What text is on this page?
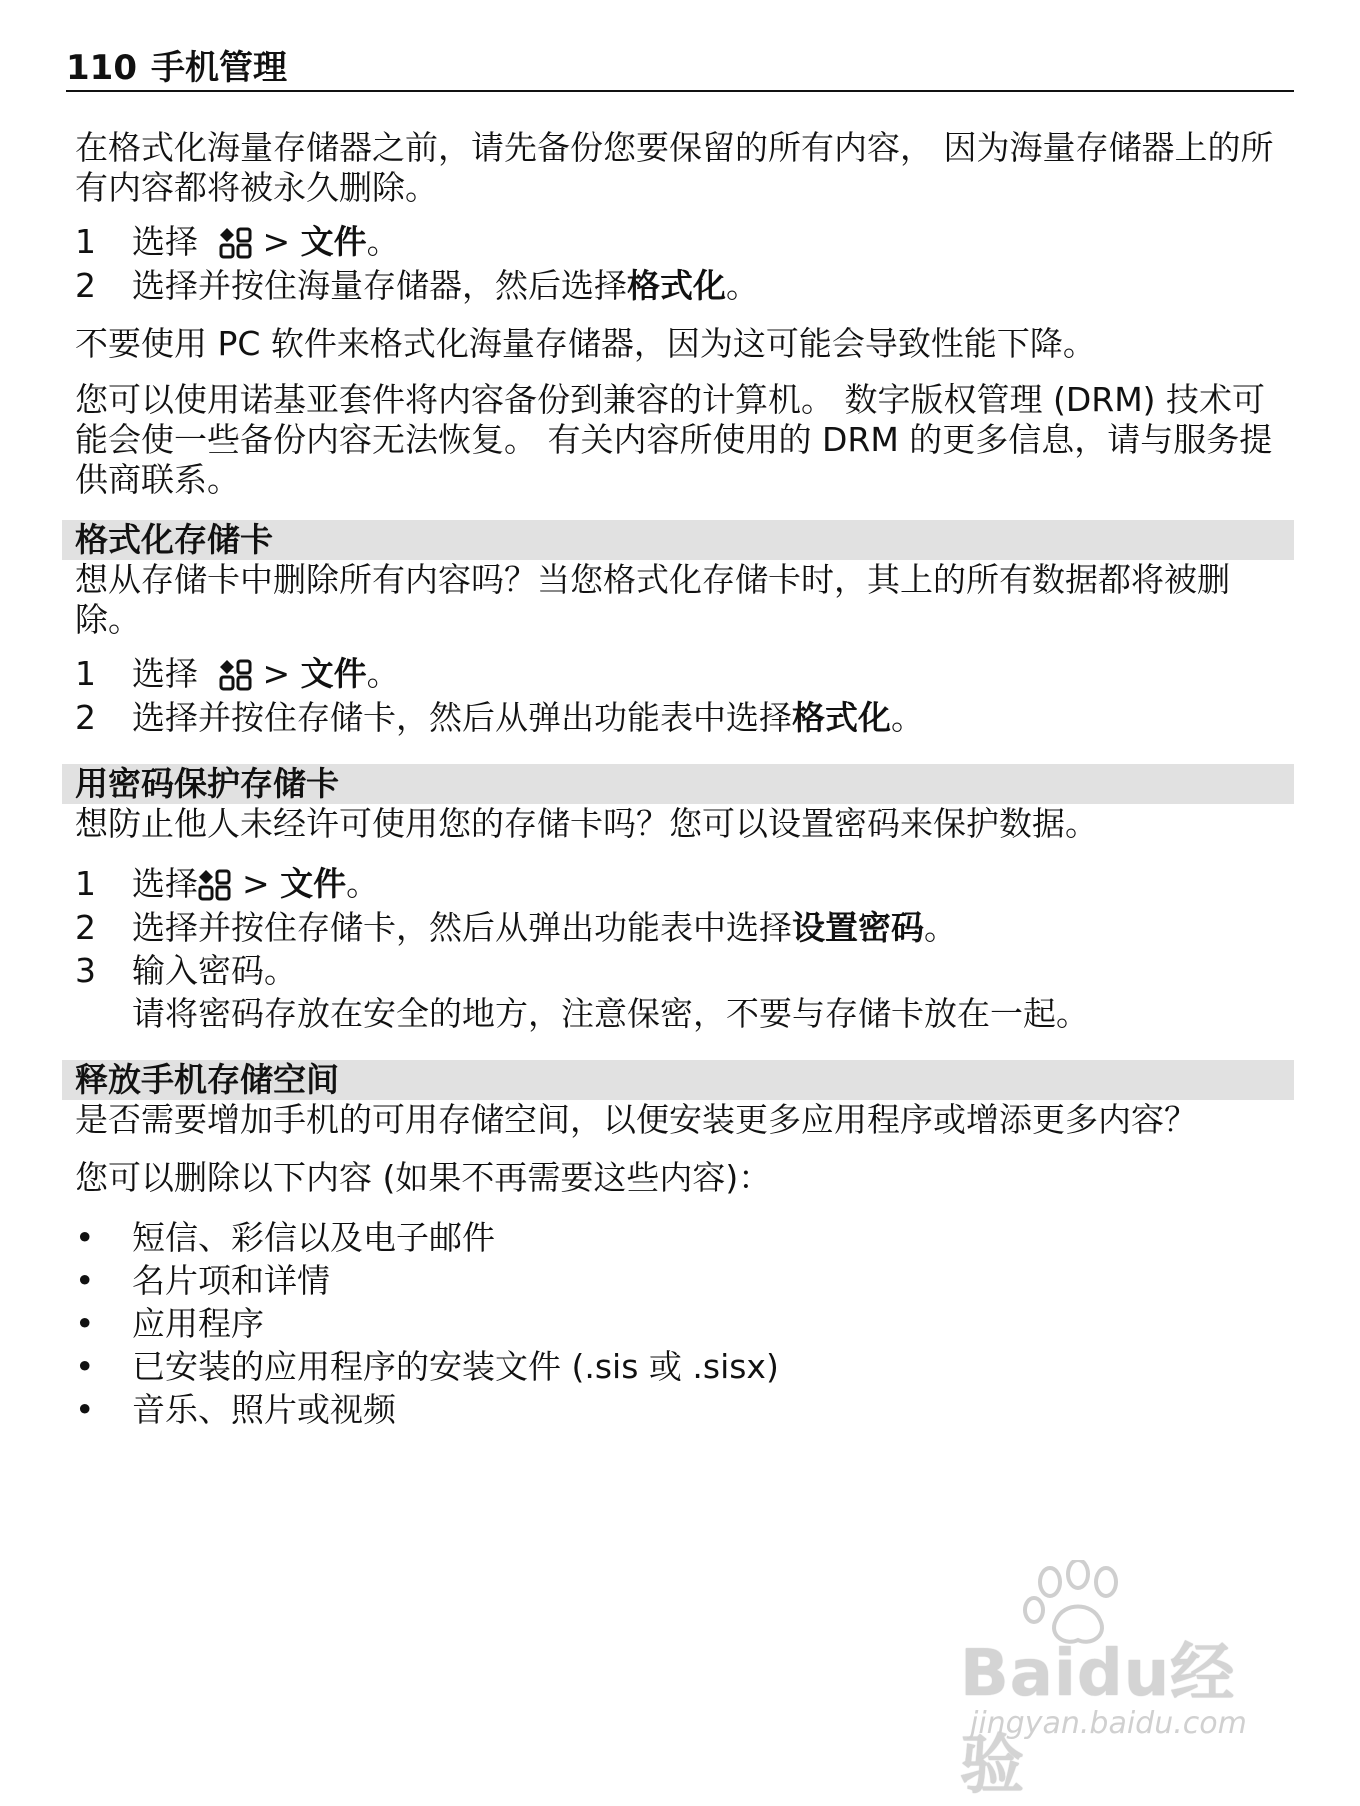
110 手机管理

在格式化海量存储器之前，请先备份您要保留的所有内容， 因为海量存储器上的所有内容都将被永久删除。

1 选择 > 文件。
2 选择并按住海量存储器，然后选择格式化。

不要使用 PC 软件来格式化海量存储器，因为这可能会导致性能下降。

您可以使用诺基亚套件将内容备份到兼容的计算机。 数字版权管理 (DRM) 技术可能会使一些备份内容无法恢复。 有关内容所使用的 DRM 的更多信息，请与服务提供商联系。

格式化存储卡

想从存储卡中删除所有内容吗？当您格式化存储卡时，其上的所有数据都将被删除。

1 选择 > 文件。
2 选择并按住存储卡，然后从弹出功能表中选择格式化。
用密码保护存储卡

想防止他人未经许可使用您的存储卡吗？您可以设置密码来保护数据。

1 选择 > 文件。
2 选择并按住存储卡，然后从弹出功能表中选择设置密码。
3 输入密码。
请将密码存放在安全的地方，注意保密，不要与存储卡放在一起。
释放手机存储空间

是否需要增加手机的可用存储空间，以便安装更多应用程序或增添更多内容？

您可以删除以下内容 (如果不再需要这些内容)：

• 短信、彩信以及电子邮件
• 名片项和详情
• 应用程序
• 已安装的应用程序的安装文件 (.sis 或 .sisx)
• 音乐、照片或视频
Baidu经验
jingyan.baidu.com
